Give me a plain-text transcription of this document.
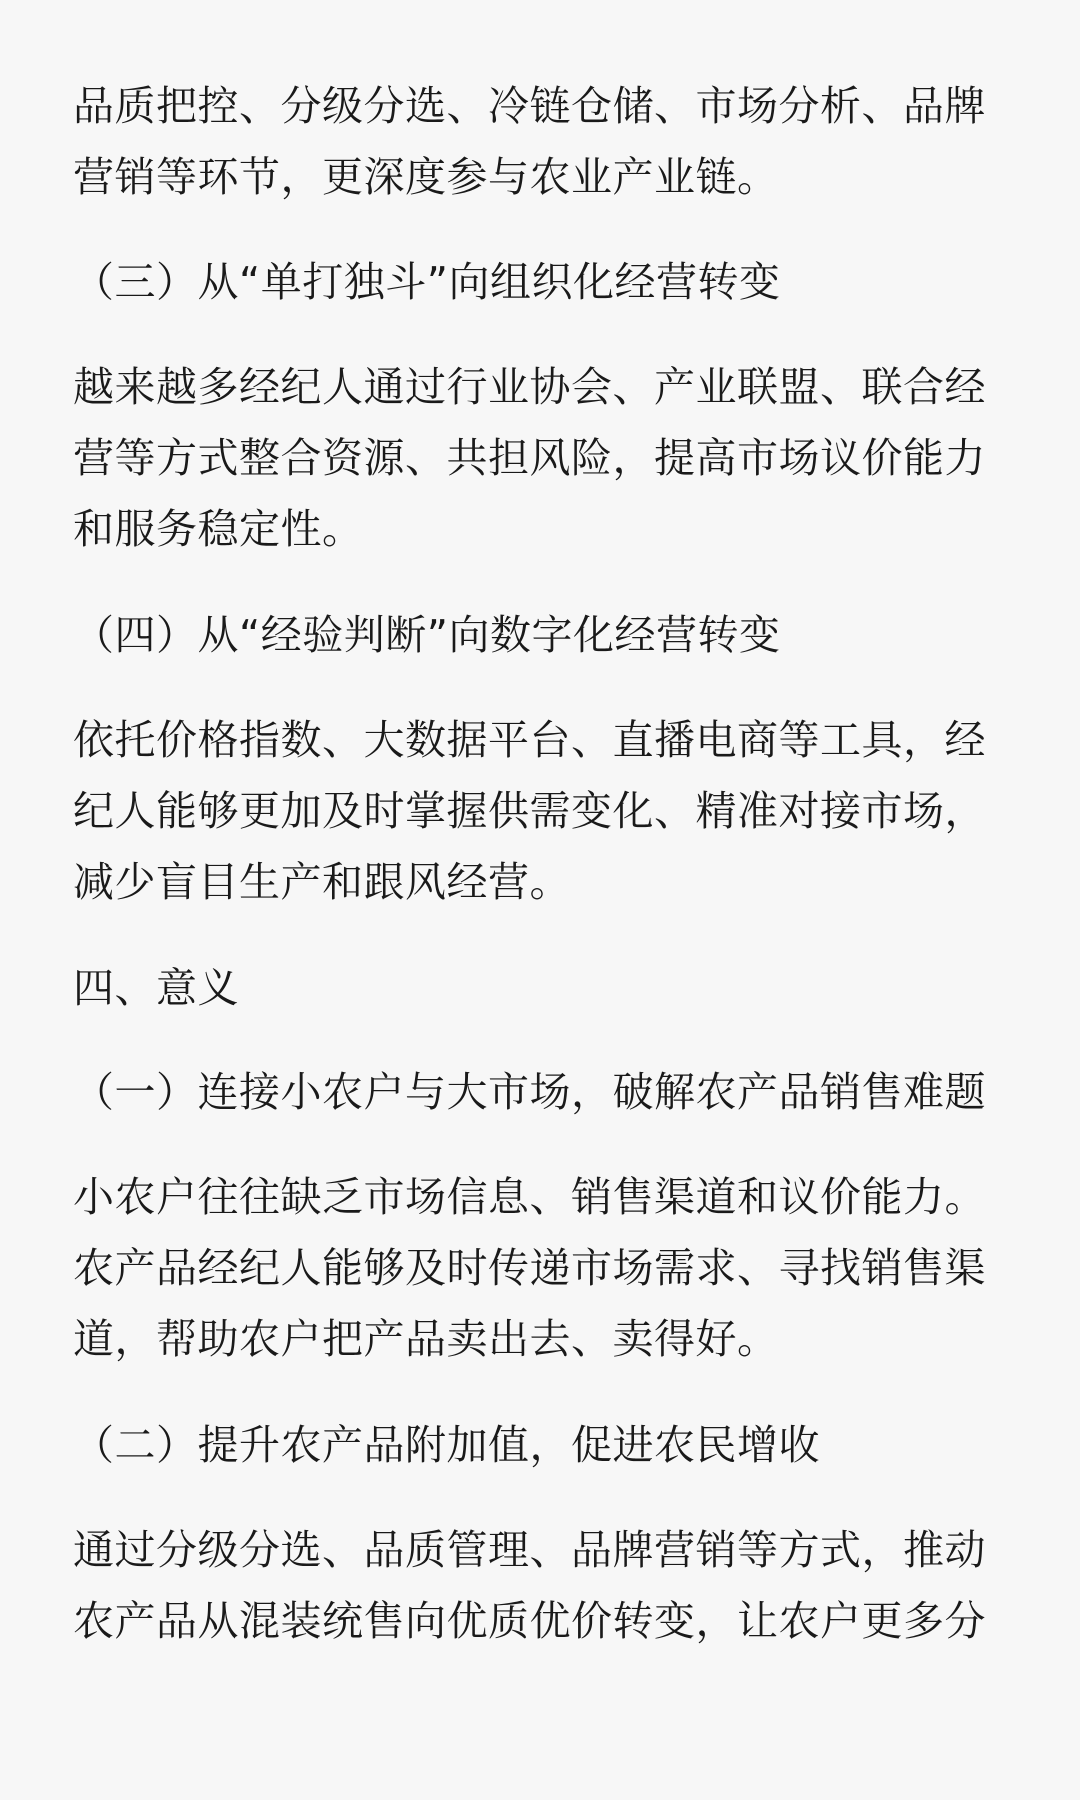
品质把控、分级分选、冷链仓储、市场分析、品牌
营销等环节，更深度参与农业产业链。
（三）从“单打独斗”向组织化经营转变
越来越多经纪人通过行业协会、产业联盟、联合经
营等方式整合资源、共担风险，提高市场议价能力
和服务稳定性。
（四）从“经验判断”向数字化经营转变
依托价格指数、大数据平台、直播电商等工具，经
纪人能够更加及时掌握供需变化、精准对接市场，
减少盲目生产和跟风经营。
四、意义
（一）连接小农户与大市场，破解农产品销售难题
小农户往往缺乏市场信息、销售渠道和议价能力。
农产品经纪人能够及时传递市场需求、寻找销售渠
道，帮助农户把产品卖出去、卖得好。
（二）提升农产品附加值，促进农民增收
通过分级分选、品质管理、品牌营销等方式，推动
农产品从混装统售向优质优价转变，让农户更多分
